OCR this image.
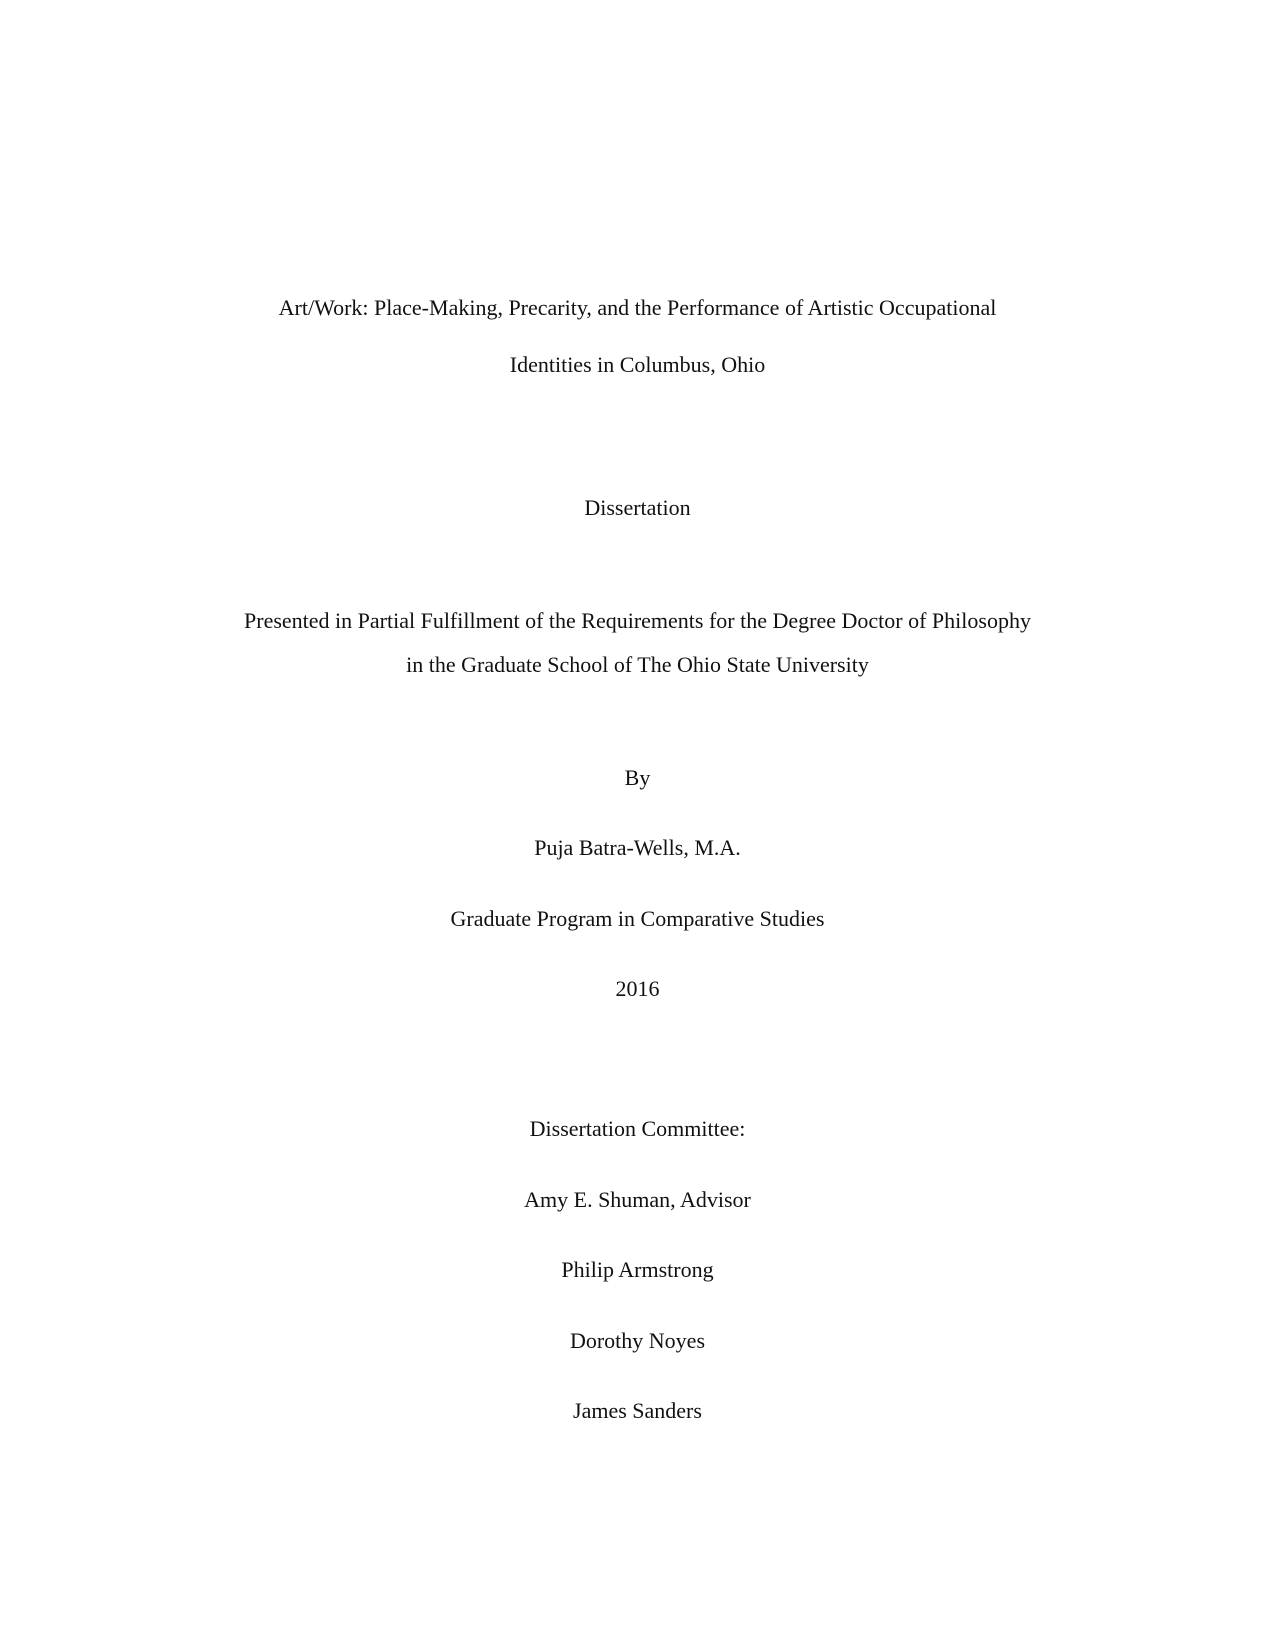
Art/Work: Place-Making, Precarity, and the Performance of Artistic Occupational
Identities in Columbus, Ohio
Dissertation
Presented in Partial Fulfillment of the Requirements for the Degree Doctor of Philosophy
in the Graduate School of The Ohio State University
By
Puja Batra-Wells, M.A.
Graduate Program in Comparative Studies
2016
Dissertation Committee:
Amy E. Shuman, Advisor
Philip Armstrong
Dorothy Noyes
James Sanders
